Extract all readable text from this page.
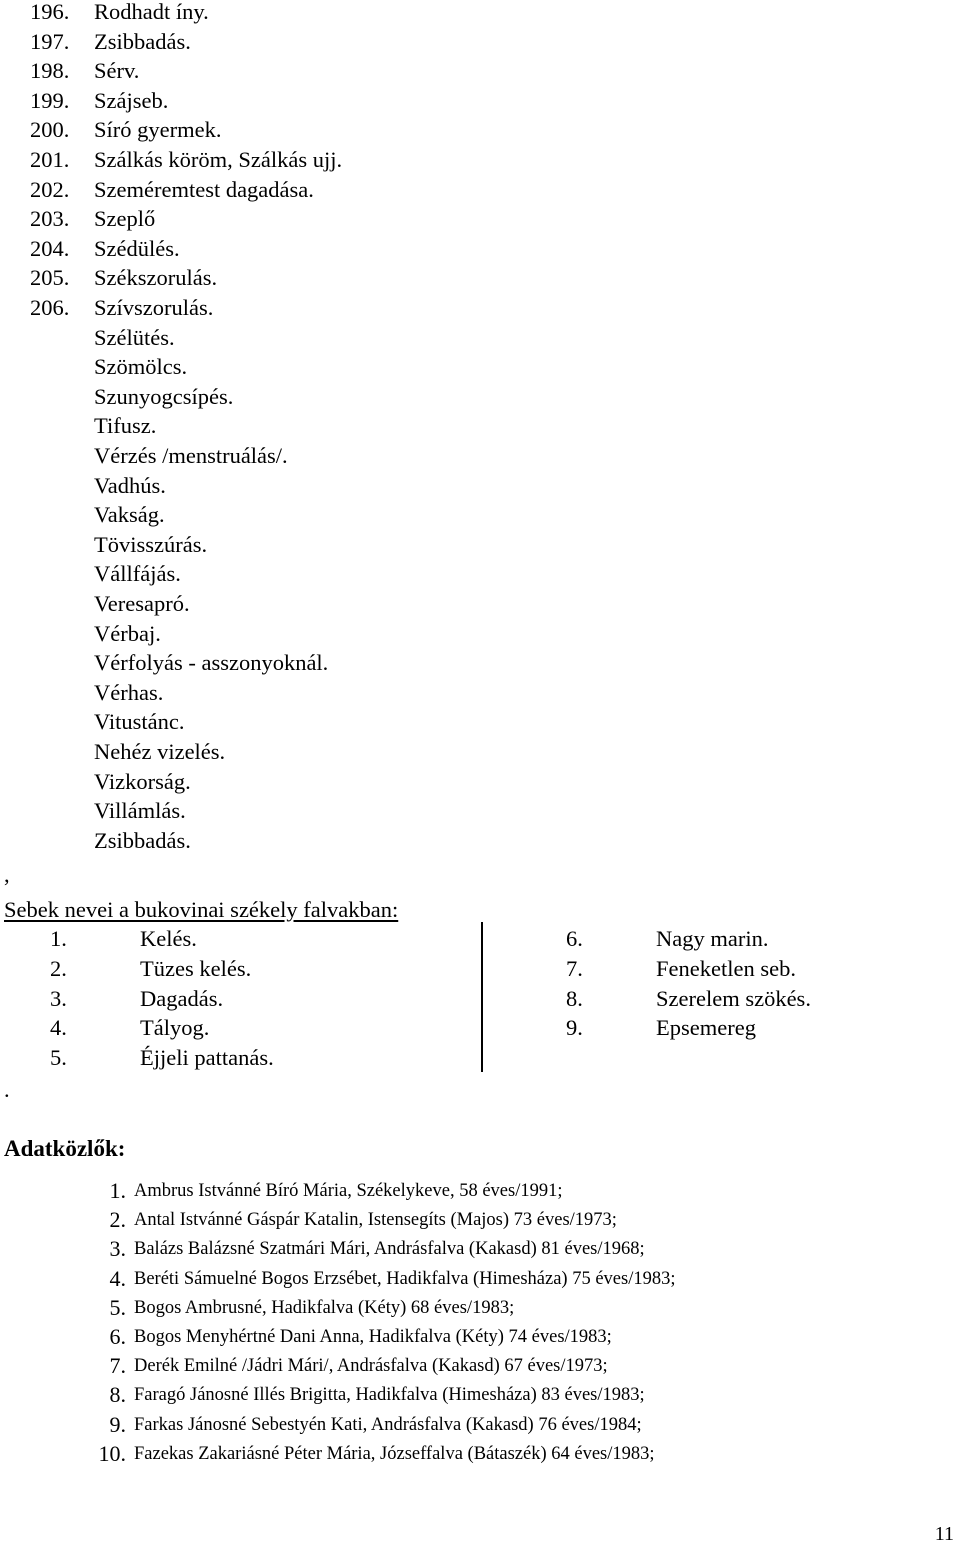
196. Rodhadt íny.
197. Zsibbadás.
198. Sérv.
199. Szájseb.
200. Síró gyermek.
201. Szálkás köröm, Szálkás ujj.
202. Szeméremtest dagadása.
203. Szeplő
204. Szédülés.
205. Székszorulás.
206. Szívszorulás.
Szélütés.
Szömölcs.
Szunyogcsípés.
Tifusz.
Vérzés /menstruálás/.
Vadhús.
Vakság.
Tövisszúrás.
Vállfájás.
Veresapró.
Vérbaj.
Vérfolyás - asszonyoknál.
Vérhas.
Vitustánc.
Nehéz vizelés.
Vizkorság.
Villámlás.
Zsibbadás.
,
Sebek nevei a bukovinai székely falvakban:
1.	Kelés.
2.	Tüzes kelés.
3.	Dagadás.
4.	Tályog.
5.	Éjjeli pattanás.
6.	Nagy marin.
7.	Feneketlen seb.
8.	Szerelem szökés.
9.	Epsemereg
.
Adatközlők:
1. Ambrus Istvánné Bíró Mária, Székelykeve, 58 éves/1991;
2. Antal Istvánné Gáspár Katalin, Istensegíts (Majos) 73 éves/1973;
3. Balázs Balázsné Szatmári Mári, Andrásfalva (Kakasd) 81 éves/1968;
4. Beréti Sámuelné Bogos Erzsébet, Hadikfalva (Himesháza) 75 éves/1983;
5. Bogos Ambrusné, Hadikfalva (Kéty) 68 éves/1983;
6. Bogos Menyhértné Dani Anna, Hadikfalva (Kéty) 74 éves/1983;
7. Derék Emilné /Jádri Mári/, Andrásfalva (Kakasd) 67 éves/1973;
8. Faragó Jánosné Illés Brigitta, Hadikfalva (Himesháza) 83 éves/1983;
9. Farkas Jánosné Sebestyén Kati, Andrásfalva (Kakasd) 76 éves/1984;
10. Fazekas Zakariásné Péter Mária, Józseffalva (Bátaszék) 64 éves/1983;
11
